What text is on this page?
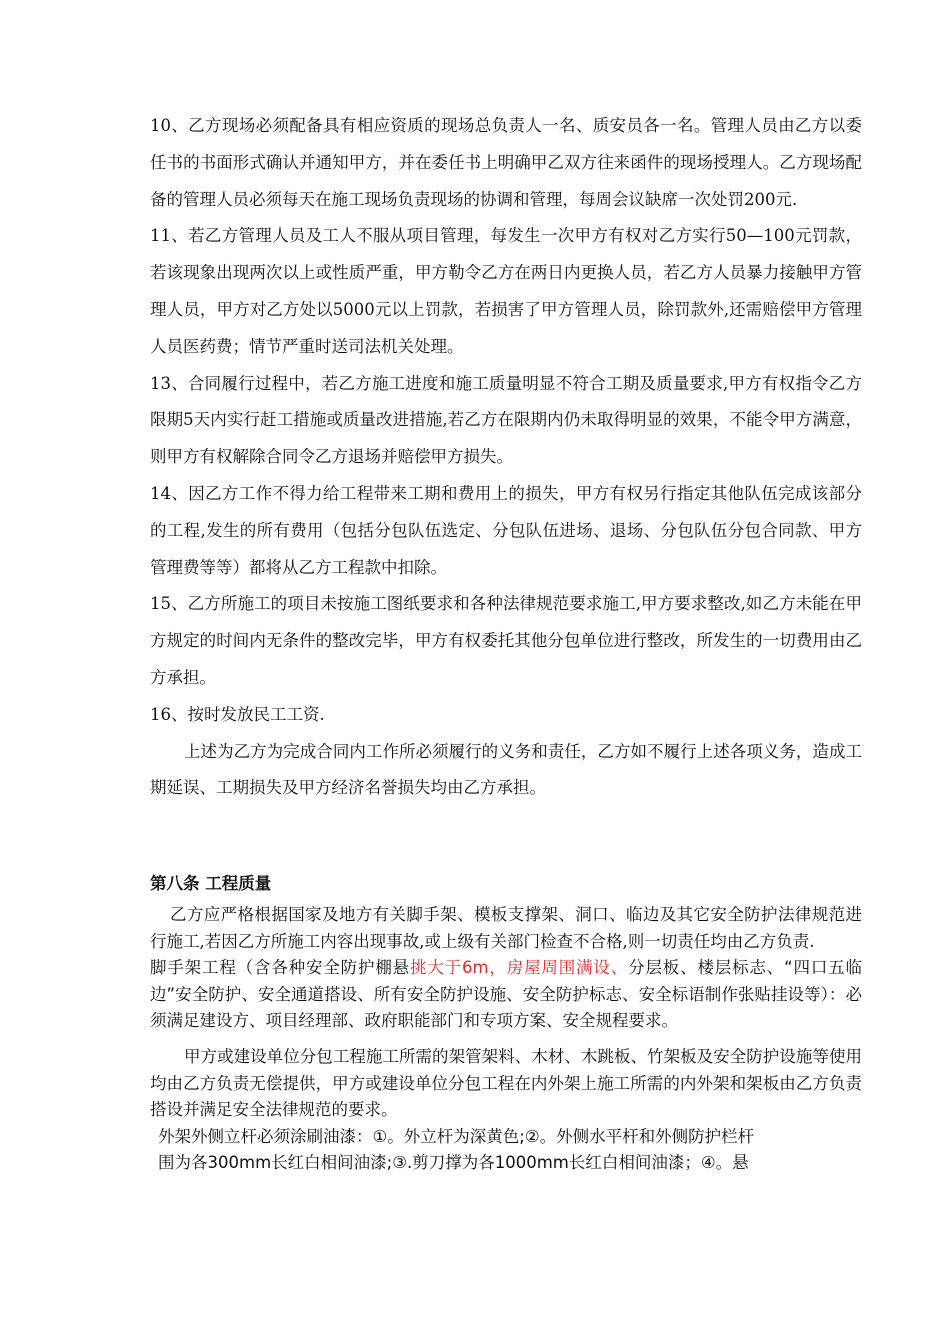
10、乙方现场必须配备具有相应资质的现场总负责人一名、质安员各一名。管理人员由乙方以委任书的书面形式确认并通知甲方，并在委任书上明确甲乙双方往来函件的现场授理人。乙方现场配备的管理人员必须每天在施工现场负责现场的协调和管理，每周会议缺席一次处罚200元.

11、若乙方管理人员及工人不服从项目管理，每发生一次甲方有权对乙方实行50—100元罚款，若该现象出现两次以上或性质严重，甲方勒令乙方在两日内更换人员，若乙方人员暴力接触甲方管理人员，甲方对乙方处以5000元以上罚款，若损害了甲方管理人员，除罚款外,还需赔偿甲方管理人员医药费；情节严重时送司法机关处理。

13、合同履行过程中，若乙方施工进度和施工质量明显不符合工期及质量要求,甲方有权指令乙方限期5天内实行赶工措施或质量改进措施,若乙方在限期内仍未取得明显的效果，不能令甲方满意，则甲方有权解除合同令乙方退场并赔偿甲方损失。

14、因乙方工作不得力给工程带来工期和费用上的损失，甲方有权另行指定其他队伍完成该部分的工程,发生的所有费用（包括分包队伍选定、分包队伍进场、退场、分包队伍分包合同款、甲方管理费等等）都将从乙方工程款中扣除。

15、乙方所施工的项目未按施工图纸要求和各种法律规范要求施工,甲方要求整改,如乙方未能在甲方规定的时间内无条件的整改完毕，甲方有权委托其他分包单位进行整改，所发生的一切费用由乙方承担。

16、按时发放民工工资.

上述为乙方为完成合同内工作所必须履行的义务和责任，乙方如不履行上述各项义务，造成工期延误、工期损失及甲方经济名誉损失均由乙方承担。

第八条 工程质量

乙方应严格根据国家及地方有关脚手架、模板支撑架、洞口、临边及其它安全防护法律规范进行施工,若因乙方所施工内容出现事故,或上级有关部门检查不合格,则一切责任均由乙方负责.

脚手架工程（含各种安全防护棚悬挑大于6m，房屋周围满设、分层板、楼层标志、“四口五临边”安全防护、安全通道搭设、所有安全防护设施、安全防护标志、安全标语制作张贴挂设等）：必须满足建设方、项目经理部、政府职能部门和专项方案、安全规程要求。

甲方或建设单位分包工程施工所需的架管架料、木材、木跳板、竹架板及安全防护设施等使用均由乙方负责无偿提供，甲方或建设单位分包工程在内外架上施工所需的内外架和架板由乙方负责搭设并满足安全法律规范的要求。

外架外侧立杆必须涂刷油漆：①。外立杆为深黄色;②。外侧水平杆和外侧防护栏杆

围为各300mm长红白相间油漆;③.剪刀撑为各1000mm长红白相间油漆；④。悬
